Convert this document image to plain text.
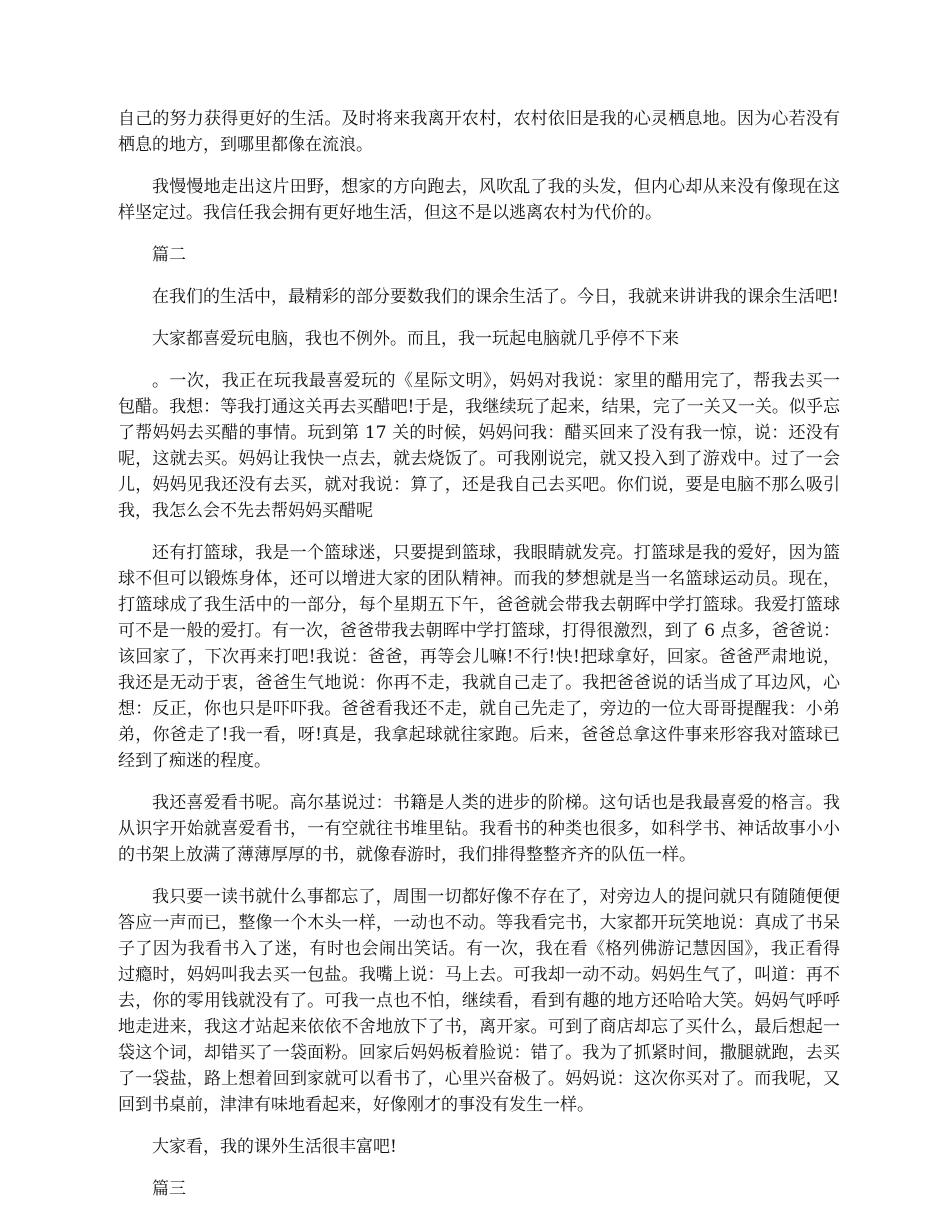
自己的努力获得更好的生活。及时将来我离开农村，农村依旧是我的心灵栖息地。因为心若没有栖息的地方，到哪里都像在流浪。

我慢慢地走出这片田野，想家的方向跑去，风吹乱了我的头发，但内心却从来没有像现在这样坚定过。我信任我会拥有更好地生活，但这不是以逃离农村为代价的。

篇二

在我们的生活中，最精彩的部分要数我们的课余生活了。今日，我就来讲讲我的课余生活吧!

大家都喜爱玩电脑，我也不例外。而且，我一玩起电脑就几乎停不下来

。一次，我正在玩我最喜爱玩的《星际文明》，妈妈对我说：家里的醋用完了，帮我去买一包醋。我想：等我打通这关再去买醋吧!于是，我继续玩了起来，结果，完了一关又一关。似乎忘了帮妈妈去买醋的事情。玩到第 17 关的时候，妈妈问我：醋买回来了没有我一惊，说：还没有呢，这就去买。妈妈让我快一点去，就去烧饭了。可我刚说完，就又投入到了游戏中。过了一会儿，妈妈见我还没有去买，就对我说：算了，还是我自己去买吧。你们说，要是电脑不那么吸引我，我怎么会不先去帮妈妈买醋呢

还有打篮球，我是一个篮球迷，只要提到篮球，我眼睛就发亮。打篮球是我的爱好，因为篮球不但可以锻炼身体，还可以增进大家的团队精神。而我的梦想就是当一名篮球运动员。现在，打篮球成了我生活中的一部分，每个星期五下午，爸爸就会带我去朝晖中学打篮球。我爱打篮球可不是一般的爱打。有一次，爸爸带我去朝晖中学打篮球，打得很激烈，到了 6 点多，爸爸说：该回家了，下次再来打吧!我说：爸爸，再等会儿嘛!不行!快!把球拿好，回家。爸爸严肃地说，我还是无动于衷，爸爸生气地说：你再不走，我就自己走了。我把爸爸说的话当成了耳边风，心想：反正，你也只是吓吓我。爸爸看我还不走，就自己先走了，旁边的一位大哥哥提醒我：小弟弟，你爸走了!我一看，呀!真是，我拿起球就往家跑。后来，爸爸总拿这件事来形容我对篮球已经到了痴迷的程度。

我还喜爱看书呢。高尔基说过：书籍是人类的进步的阶梯。这句话也是我最喜爱的格言。我从识字开始就喜爱看书，一有空就往书堆里钻。我看书的种类也很多，如科学书、神话故事小小的书架上放满了薄薄厚厚的书，就像春游时，我们排得整整齐齐的队伍一样。

我只要一读书就什么事都忘了，周围一切都好像不存在了，对旁边人的提问就只有随随便便答应一声而已，整像一个木头一样，一动也不动。等我看完书，大家都开玩笑地说：真成了书呆子了因为我看书入了迷，有时也会闹出笑话。有一次，我在看《格列佛游记慧因国》，我正看得过瘾时，妈妈叫我去买一包盐。我嘴上说：马上去。可我却一动不动。妈妈生气了，叫道：再不去，你的零用钱就没有了。可我一点也不怕，继续看，看到有趣的地方还哈哈大笑。妈妈气呼呼地走进来，我这才站起来依依不舍地放下了书，离开家。可到了商店却忘了买什么，最后想起一袋这个词，却错买了一袋面粉。回家后妈妈板着脸说：错了。我为了抓紧时间，撒腿就跑，去买了一袋盐，路上想着回到家就可以看书了，心里兴奋极了。妈妈说：这次你买对了。而我呢，又回到书桌前，津津有味地看起来，好像刚才的事没有发生一样。

大家看，我的课外生活很丰富吧!

篇三
